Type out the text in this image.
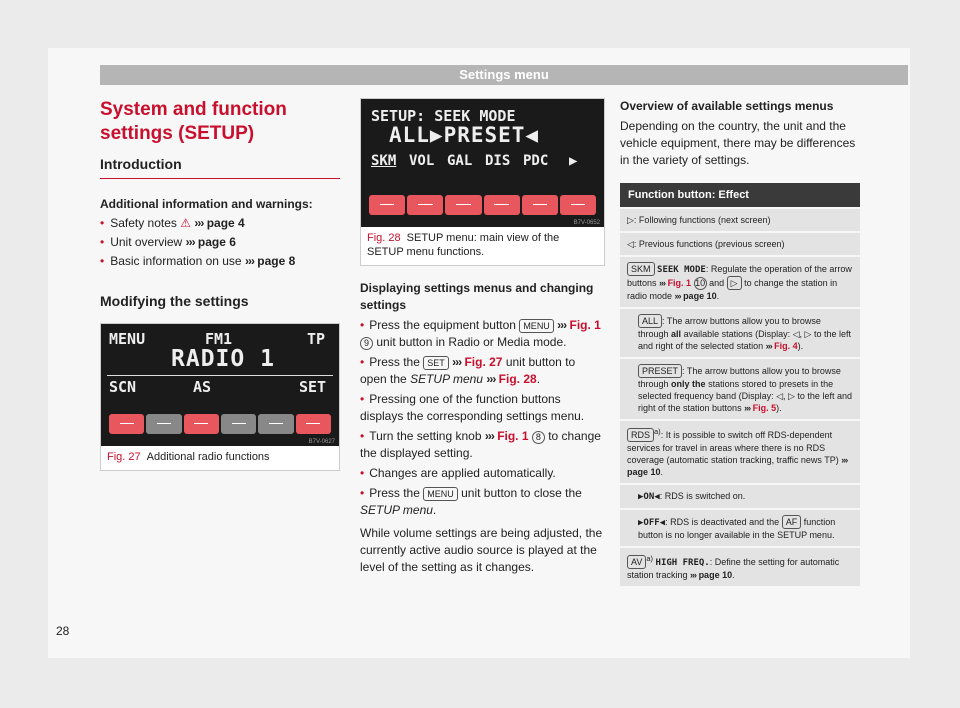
Settings menu
System and function settings (SETUP)
Introduction
Additional information and warnings:
• Safety notes ⚠ ››› page 4
• Unit overview ››› page 6
• Basic information on use ››› page 8
Modifying the settings
MENU	FM1	TP
RADIO 1
SCN	AS	SET
B7V-0627
Fig. 27 Additional radio functions
SETUP: SEEK MODE
ALL▶PRESET◀
SKM VOL GAL DIS PDC ▶
B7V-0652
Fig. 28 SETUP menu: main view of the SETUP menu functions.
Displaying settings menus and changing settings
• Press the equipment button MENU ››› Fig. 1 9 unit button in Radio or Media mode.
• Press the SET ››› Fig. 27 unit button to open the SETUP menu ››› Fig. 28.
• Pressing one of the function buttons displays the corresponding settings menu.
• Turn the setting knob ››› Fig. 1 8 to change the displayed setting.
• Changes are applied automatically.
• Press the MENU unit button to close the SETUP menu.
While volume settings are being adjusted, the currently active audio source is played at the level of the setting as it changes.
Overview of available settings menus
Depending on the country, the unit and the vehicle equipment, there may be differences in the variety of settings.
Function button: Effect
▷: Following functions (next screen)
◁: Previous functions (previous screen)
SKM SEEK MODE: Regulate the operation of the arrow buttons ››› Fig. 1 10 and ▷ to change the station in radio mode ››› page 10.
ALL : The arrow buttons allow you to browse through all available stations (Display: ◁, ▷ to the left and right of the selected station ››› Fig. 4).
PRESET : The arrow buttons allow you to browse through only the stations stored to presets in the selected frequency band (Display: ◁, ▷ to the left and right of the station buttons ››› Fig. 5).
RDS $^{a)}$: It is possible to switch off RDS-dependent services for travel in areas where there is no RDS coverage (automatic station tracking, traffic news TP) ››› page 10.
▶ON◀: RDS is switched on.
▶OFF◀: RDS is deactivated and the AF function button is no longer available in the SETUP menu.
AV $^{a)}$ HIGH FREQ.: Define the setting for automatic station tracking ››› page 10.
28
